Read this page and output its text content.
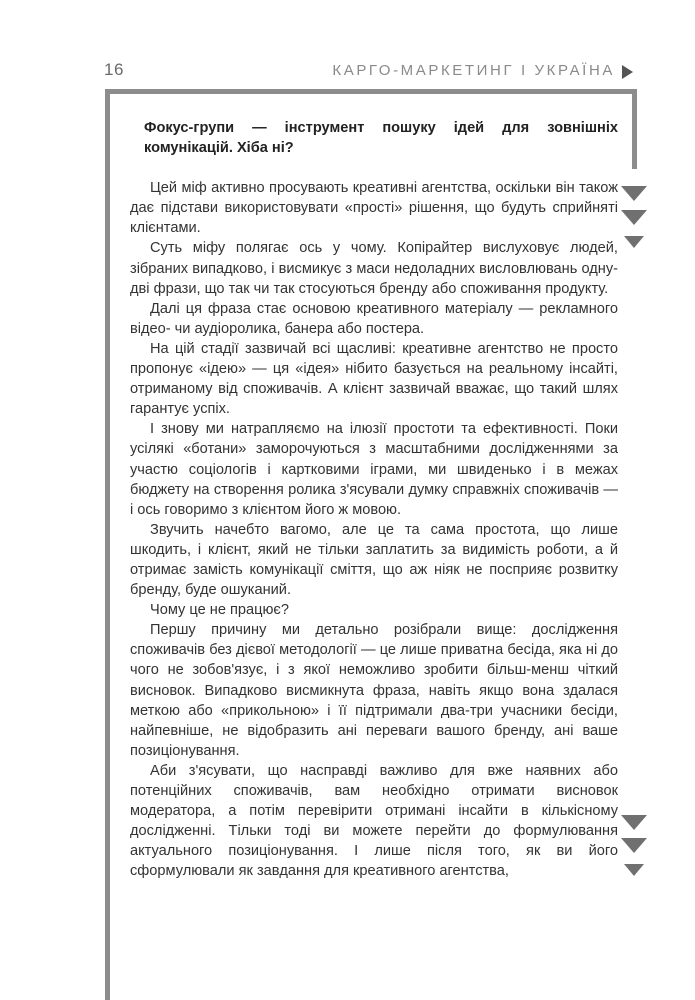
16	КАРГО-МАРКЕТИНГ І УКРАЇНА

Фокус-групи — інструмент пошуку ідей для зовнішніх комунікацій. Хіба ні?

Цей міф активно просувають креативні агентства, оскільки він також дає підстави використовувати «прості» рішення, що будуть сприйняті клієнтами.

Суть міфу полягає ось у чому. Копірайтер вислуховує людей, зібраних випадково, і висмикує з маси недоладних висловлювань одну-дві фрази, що так чи так стосуються бренду або споживання продукту.

Далі ця фраза стає основою креативного матеріалу — рекламного відео- чи аудіоролика, банера або постера.

На цій стадії зазвичай всі щасливі: креативне агентство не просто пропонує «ідею» — ця «ідея» нібито базується на реальному інсайті, отриманому від споживачів. А клієнт зазвичай вважає, що такий шлях гарантує успіх.

І знову ми натрапляємо на ілюзії простоти та ефективності. Поки усілякі «ботани» заморочуються з масштабними дослідженнями за участю соціологів і картковими іграми, ми швиденько і в межах бюджету на створення ролика з'ясували думку справжніх споживачів — і ось говоримо з клієнтом його ж мовою.

Звучить начебто вагомо, але це та сама простота, що лише шкодить, і клієнт, який не тільки заплатить за видимість роботи, а й отримає замість комунікації сміття, що аж ніяк не посприяє розвитку бренду, буде ошуканий.

Чому це не працює?

Першу причину ми детально розібрали вище: дослідження споживачів без дієвої методології — це лише приватна бесіда, яка ні до чого не зобов'язує, і з якої неможливо зробити більш-менш чіткий висновок. Випадково висмикнута фраза, навіть якщо вона здалася меткою або «прикольною» і її підтримали два-три учасники бесіди, найпевніше, не відобразить ані переваги вашого бренду, ані ваше позиціонування.

Аби з'ясувати, що насправді важливо для вже наявних або потенційних споживачів, вам необхідно отримати висновок модератора, а потім перевірити отримані інсайти в кількісному дослідженні. Тільки тоді ви можете перейти до формулювання актуального позиціонування. І лише після того, як ви його сформулювали як завдання для креативного агентства,
